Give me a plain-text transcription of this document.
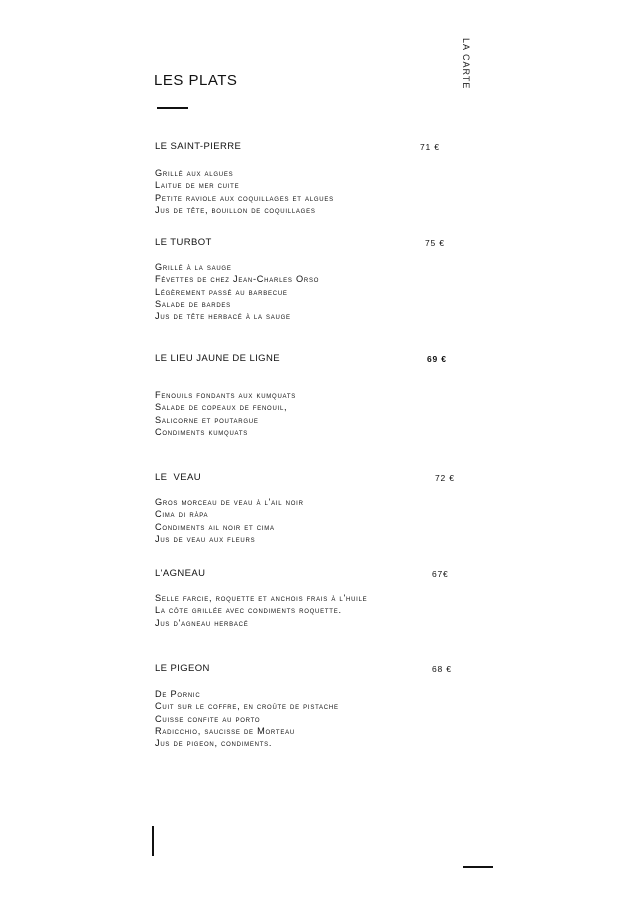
LA CARTE
LES PLATS
LE SAINT-PIERRE	71 €
Grillé aux algues
Laitue de mer cuite
Petite raviole aux coquillages et algues
Jus de tête, bouillon de coquillages
LE TURBOT	75 €
Grillé à la sauge
Févettes de chez Jean-Charles Orso
Légèrement passé au barbecue
Salade de bardes
Jus de tête herbacé à la sauge
LE LIEU JAUNE DE LIGNE	69 €
Fenouils fondants aux kumquats
Salade de copeaux de fenouil,
Salicorne et poutargue
Condiments kumquats
LE  VEAU	72 €
Gros morceau de veau à l'ail noir
Cima di ràpa
Condiments ail noir et cima
Jus de veau aux fleurs
L'AGNEAU	67€
Selle farcie, roquette et anchois frais à l'huile
La côte grillée avec condiments roquette.
Jus d'agneau herbacé
LE PIGEON	68 €
De Pornic
Cuit sur le coffre, en croûte de pistache
Cuisse confite au porto
Radicchio, saucisse de Morteau
Jus de pigeon, condiments.
